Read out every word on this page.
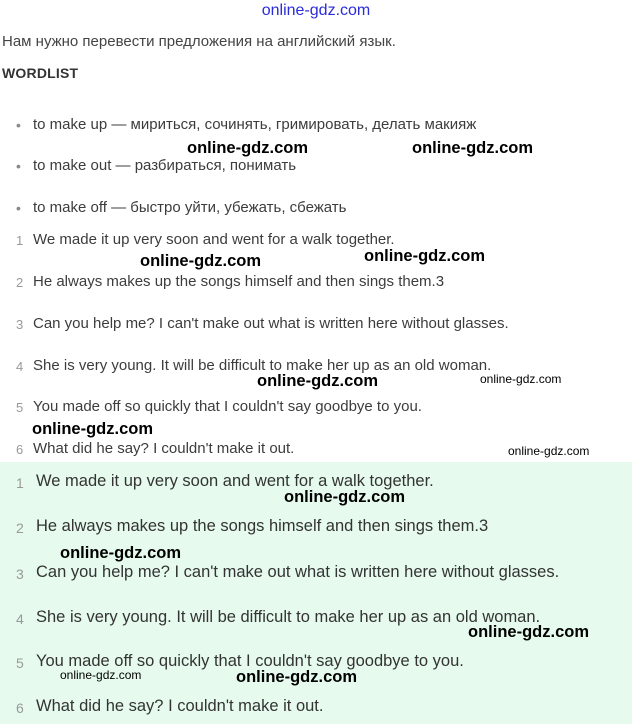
online-gdz.com
Нам нужно перевести предложения на английский язык.
WORDLIST
• to make up — мириться, сочинять, гримировать, делать макияж
• to make out — разбираться, понимать
• to make off — быстро уйти, убежать, сбежать
1 We made it up very soon and went for a walk together.
2 He always makes up the songs himself and then sings them.3
3 Can you help me? I can't make out what is written here without glasses.
4 She is very young. It will be difficult to make her up as an old woman.
5 You made off so quickly that I couldn't say goodbye to you.
6 What did he say? I couldn't make it out.
1 We made it up very soon and went for a walk together.
2 He always makes up the songs himself and then sings them.3
3 Can you help me? I can't make out what is written here without glasses.
4 She is very young. It will be difficult to make her up as an old woman.
5 You made off so quickly that I couldn't say goodbye to you.
6 What did he say? I couldn't make it out.
online-gdz.com	online-gdz.com
online-gdz.com	online-gdz.com
online-gdz.com	online-gdz.com
online-gdz.com
online-gdz.com
online-gdz.com
online-gdz.com
online-gdz.com
online-gdz.com	online-gdz.com
